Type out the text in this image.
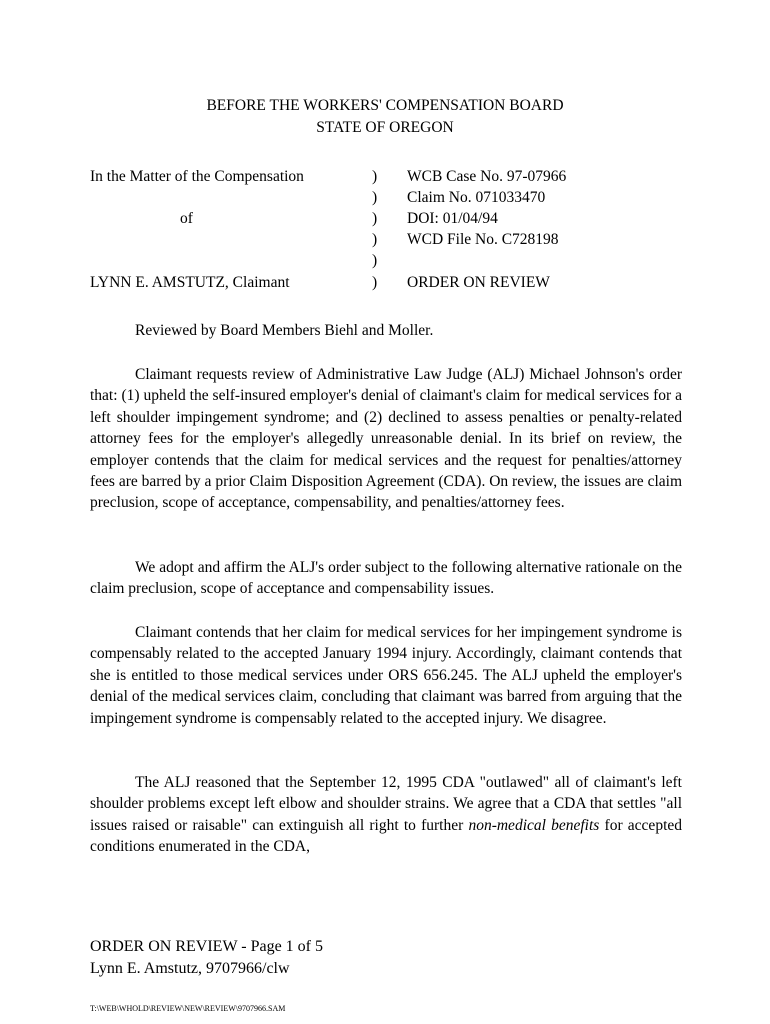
BEFORE THE WORKERS' COMPENSATION BOARD
STATE OF OREGON
In the Matter of the Compensation
of
LYNN E. AMSTUTZ, Claimant
)
)
)
)
)
)
WCB Case No. 97-07966
Claim No. 071033470
DOI: 01/04/94
WCD File No. C728198
ORDER ON REVIEW

Reviewed by Board Members Biehl and Moller.

Claimant requests review of Administrative Law Judge (ALJ) Michael Johnson's order that: (1) upheld the self-insured employer's denial of claimant's claim for medical services for a left shoulder impingement syndrome; and (2) declined to assess penalties or penalty-related attorney fees for the employer's allegedly unreasonable denial. In its brief on review, the employer contends that the claim for medical services and the request for penalties/attorney fees are barred by a prior Claim Disposition Agreement (CDA). On review, the issues are claim preclusion, scope of acceptance, compensability, and penalties/attorney fees.

We adopt and affirm the ALJ's order subject to the following alternative rationale on the claim preclusion, scope of acceptance and compensability issues.

Claimant contends that her claim for medical services for her impingement syndrome is compensably related to the accepted January 1994 injury. Accordingly, claimant contends that she is entitled to those medical services under ORS 656.245. The ALJ upheld the employer's denial of the medical services claim, concluding that claimant was barred from arguing that the impingement syndrome is compensably related to the accepted injury. We disagree.

The ALJ reasoned that the September 12, 1995 CDA "outlawed" all of claimant's left shoulder problems except left elbow and shoulder strains. We agree that a CDA that settles "all issues raised or raisable" can extinguish all right to further non-medical benefits for accepted conditions enumerated in the CDA,

ORDER ON REVIEW - Page 1 of 5
Lynn E. Amstutz, 9707966/clw
T:\WEB\WHOLD\REVIEW\NEW\REVIEW\9707966.SAM
